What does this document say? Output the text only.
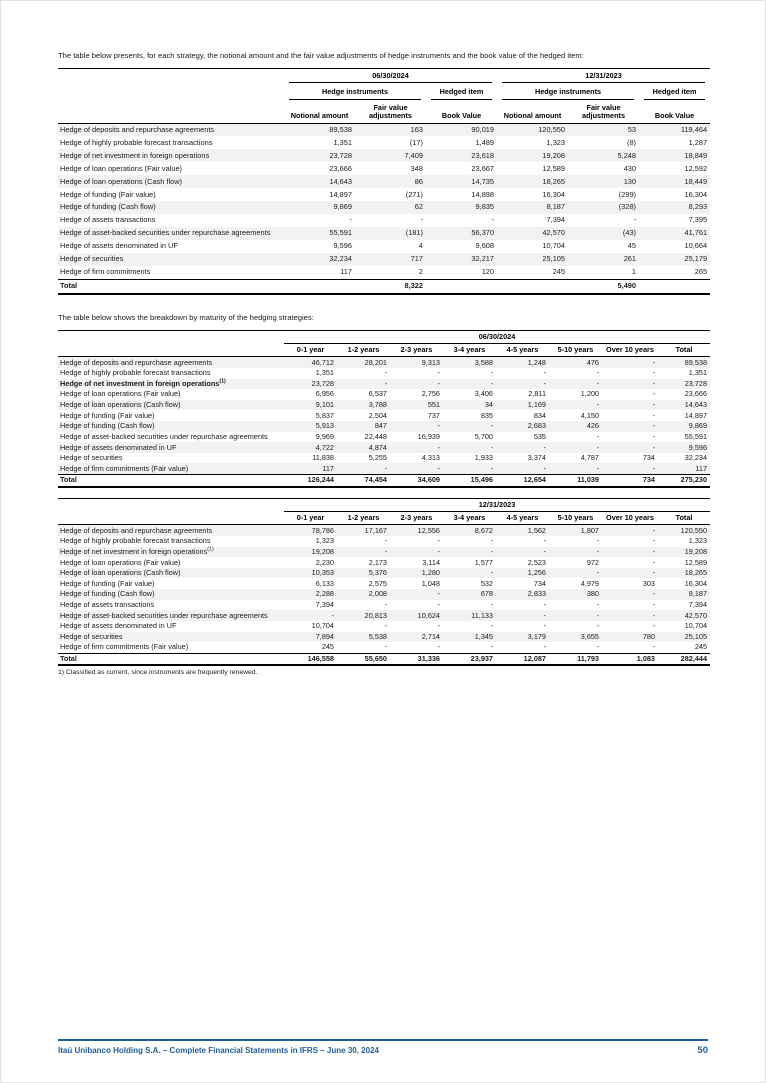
The table below presents, for each strategy, the notional amount and the fair value adjustments of hedge instruments and the book value of the hedged item:

	06/30/2024			12/31/2023		

	Hedge instruments		Hedged item	Hedge instruments		Hedged item

	Notional amount	Fair value adjustments	Book Value	Notional amount	Fair value adjustments	Book Value
Hedge of deposits and repurchase agreements	89,538	163	90,019	120,550	53	119,464
Hedge of highly probable forecast transactions	1,351	(17)	1,489	1,323	(8)	1,287
Hedge of net investment in foreign operations	23,728	7,409	23,618	19,208	5,248	18,849
Hedge of loan operations (Fair value)	23,666	348	23,667	12,589	430	12,592
Hedge of loan operations (Cash flow)	14,643	86	14,735	18,265	130	18,449
Hedge of funding (Fair value)	14,897	(271)	14,898	16,304	(299)	16,304
Hedge of funding (Cash flow)	9,869	62	9,835	8,187	(328)	8,293
Hedge of assets transactions	-	-	-	7,394	-	7,395
Hedge of asset-backed securities under repurchase agreements	55,591	(181)	56,370	42,570	(43)	41,761
Hedge of assets denominated in UF	9,596	4	9,608	10,704	45	10,664
Hedge of securities	32,234	717	32,217	25,105	261	25,179
Hedge of firm commitments	117	2	120	245	1	265
Total		8,322			5,490	

The table below shows the breakdown by maturity of the hedging strategies:

	06/30/2024							
	0-1 year	1-2 years	2-3 years	3-4 years	4-5 years	5-10 years	Over 10 years	Total
Hedge of deposits and repurchase agreements	46,712	28,201	9,313	3,588	1,248	476	-	89,538
Hedge of highly probable forecast transactions	1,351	-	-	-	-	-	-	1,351
Hedge of net investment in foreign operations$^{(1)}$	23,728	-	-	-	-	-	-	23,728
Hedge of loan operations (Fair value)	6,956	6,537	2,756	3,406	2,811	1,200	-	23,666
Hedge of loan operations (Cash flow)	9,101	3,788	551	34	1,169	-	-	14,643
Hedge of funding (Fair value)	5,837	2,504	737	835	834	4,150	-	14,897
Hedge of funding (Cash flow)	5,913	847	-	-	2,683	426	-	9,869
Hedge of asset-backed securities under repurchase agreements	9,969	22,448	16,939	5,700	535	-	-	55,591
Hedge of assets denominated in UF	4,722	4,874	-	-	-	-	-	9,596
Hedge of securities	11,838	5,255	4,313	1,933	3,374	4,787	734	32,234
Hedge of firm commitments (Fair value)	117	-	-	-	-	-	-	117
Total	126,244	74,454	34,609	15,496	12,654	11,039	734	275,230
	12/31/2023							
	0-1 year	1-2 years	2-3 years	3-4 years	4-5 years	5-10 years	Over 10 years	Total
Hedge of deposits and repurchase agreements	78,786	17,167	12,556	8,672	1,562	1,807	-	120,550
Hedge of highly probable forecast transactions	1,323	-	-	-	-	-	-	1,323
Hedge of net investment in foreign operations$^{(1)}$	19,208	-	-	-	-	-	-	19,208
Hedge of loan operations (Fair value)	2,230	2,173	3,114	1,577	2,523	972	-	12,589
Hedge of loan operations (Cash flow)	10,353	5,376	1,280	-	1,256	-	-	18,265
Hedge of funding (Fair value)	6,133	2,575	1,048	532	734	4,979	303	16,304
Hedge of funding (Cash flow)	2,288	2,008	-	678	2,833	380	-	8,187
Hedge of assets transactions	7,394	-	-	-	-	-	-	7,394
Hedge of asset-backed securities under repurchase agreements	-	20,813	10,624	11,133	-	-	-	42,570
Hedge of assets denominated in UF	10,704	-	-	-	-	-	-	10,704
Hedge of securities	7,894	5,538	2,714	1,345	3,179	3,655	780	25,105
Hedge of firm commitments (Fair value)	245	-	-	-	-	-	-	245
Total	146,558	55,650	31,336	23,937	12,087	11,793	1,083	282,444

1) Classified as current, since instruments are frequently renewed.

Itaú Unibanco Holding S.A. – Complete Financial Statements in IFRS – June 30, 2024	50
